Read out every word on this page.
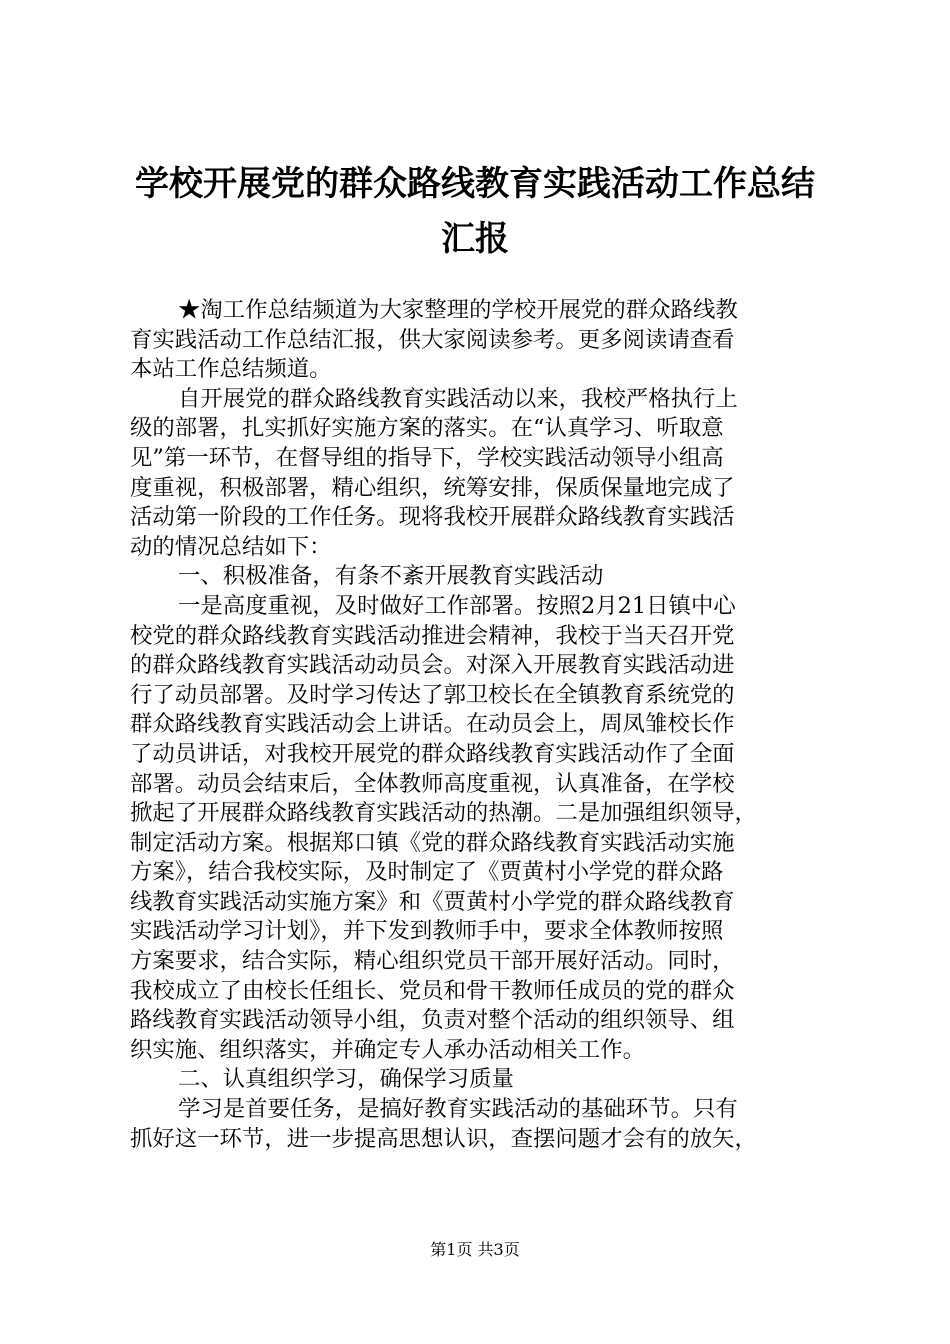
学校开展党的群众路线教育实践活动工作总结
汇报
★淘工作总结频道为大家整理的学校开展党的群众路线教
育实践活动工作总结汇报，供大家阅读参考。更多阅读请查看
本站工作总结频道。
自开展党的群众路线教育实践活动以来，我校严格执行上
级的部署，扎实抓好实施方案的落实。在“认真学习、听取意
见”第一环节，在督导组的指导下，学校实践活动领导小组高
度重视，积极部署，精心组织，统筹安排，保质保量地完成了
活动第一阶段的工作任务。现将我校开展群众路线教育实践活
动的情况总结如下：
一、积极准备，有条不紊开展教育实践活动
一是高度重视，及时做好工作部署。按照2月21日镇中心
校党的群众路线教育实践活动推进会精神，我校于当天召开党
的群众路线教育实践活动动员会。对深入开展教育实践活动进
行了动员部署。及时学习传达了郭卫校长在全镇教育系统党的
群众路线教育实践活动会上讲话。在动员会上，周凤雏校长作
了动员讲话，对我校开展党的群众路线教育实践活动作了全面
部署。动员会结束后，全体教师高度重视，认真准备，在学校
掀起了开展群众路线教育实践活动的热潮。二是加强组织领导，
制定活动方案。根据郑口镇《党的群众路线教育实践活动实施
方案》，结合我校实际，及时制定了《贾黄村小学党的群众路
线教育实践活动实施方案》和《贾黄村小学党的群众路线教育
实践活动学习计划》，并下发到教师手中，要求全体教师按照
方案要求，结合实际，精心组织党员干部开展好活动。同时，
我校成立了由校长任组长、党员和骨干教师任成员的党的群众
路线教育实践活动领导小组，负责对整个活动的组织领导、组
织实施、组织落实，并确定专人承办活动相关工作。
二、认真组织学习，确保学习质量
学习是首要任务，是搞好教育实践活动的基础环节。只有
抓好这一环节，进一步提高思想认识，查摆问题才会有的放矢，
第1页 共3页
